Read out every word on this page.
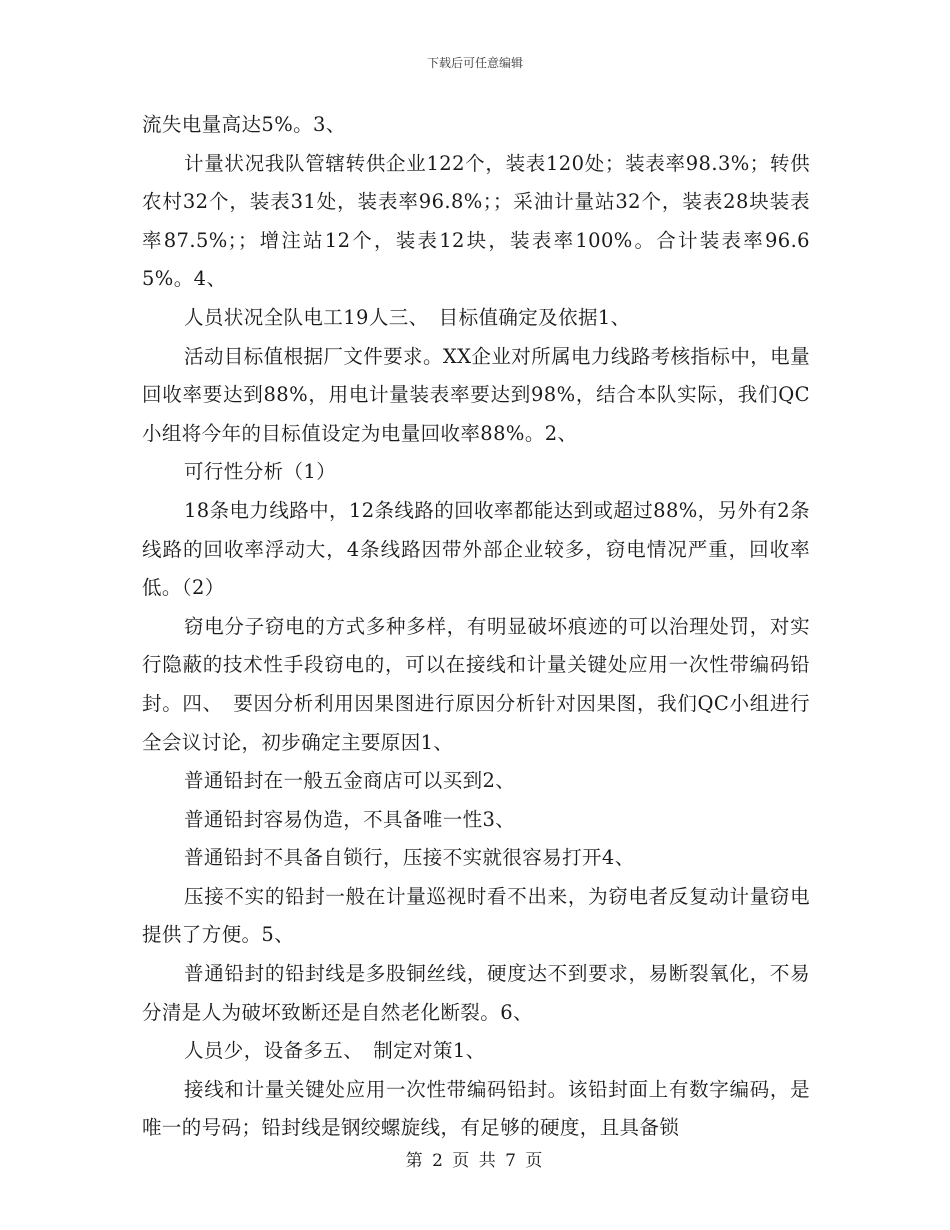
下载后可任意编辑

流失电量高达5%。3、

计量状况我队管辖转供企业122个，装表120处；装表率98.3%；转供农村32个，装表31处，装表率96.8%；；采油计量站32个，装表28块装表率87.5%；；增注站12个，装表12块，装表率100%。合计装表率96.65%。4、

人员状况全队电工19人三、　目标值确定及依据1、

活动目标值根据厂文件要求。XX企业对所属电力线路考核指标中，电量回收率要达到88%，用电计量装表率要达到98%，结合本队实际，我们QC小组将今年的目标值设定为电量回收率88%。2、

可行性分析（1）

18条电力线路中，12条线路的回收率都能达到或超过88%，另外有2条线路的回收率浮动大，4条线路因带外部企业较多，窃电情况严重，回收率低。（2）

窃电分子窃电的方式多种多样，有明显破坏痕迹的可以治理处罚，对实行隐蔽的技术性手段窃电的，可以在接线和计量关键处应用一次性带编码铅封。四、　要因分析利用因果图进行原因分析针对因果图，我们QC小组进行全会议讨论，初步确定主要原因1、

普通铅封在一般五金商店可以买到2、

普通铅封容易伪造，不具备唯一性3、

普通铅封不具备自锁行，压接不实就很容易打开4、

压接不实的铅封一般在计量巡视时看不出来，为窃电者反复动计量窃电提供了方便。5、

普通铅封的铅封线是多股铜丝线，硬度达不到要求，易断裂氧化，不易分清是人为破坏致断还是自然老化断裂。6、

人员少，设备多五、　制定对策1、

接线和计量关键处应用一次性带编码铅封。该铅封面上有数字编码，是唯一的号码；铅封线是钢绞螺旋线，有足够的硬度，且具备锁

第 2 页 共 7 页
